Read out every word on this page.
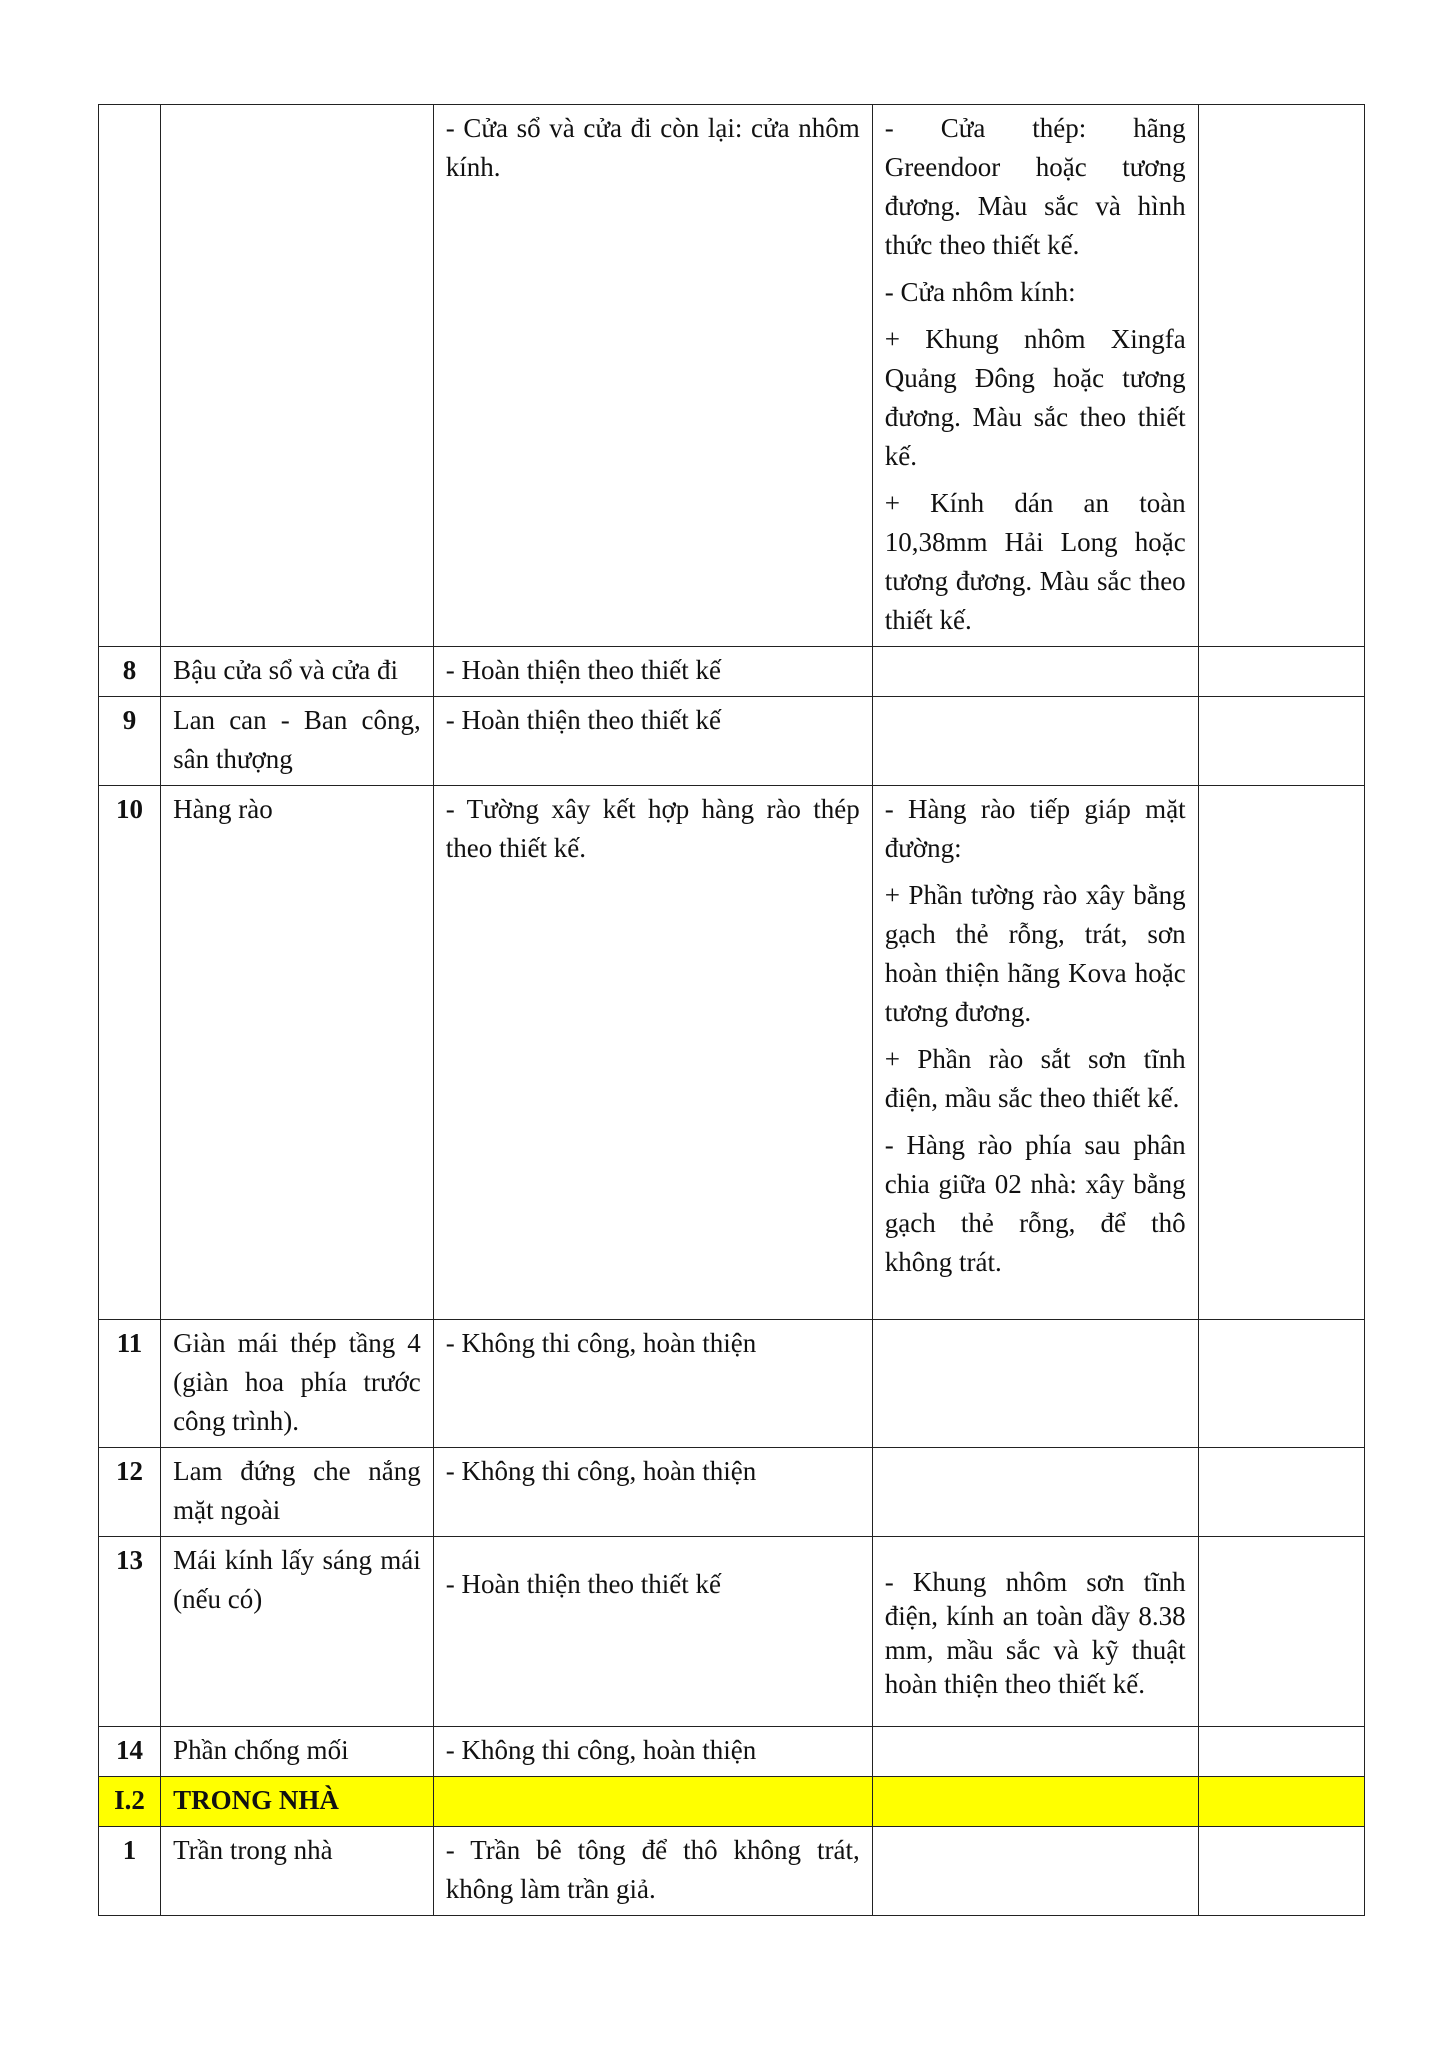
		- Cửa sổ và cửa đi còn lại: cửa nhôm kính.	- Cửa thép: hãng Greendoor hoặc tương đương. Màu sắc và hình thức theo thiết kế.

- Cửa nhôm kính:

+ Khung nhôm Xingfa Quảng Đông hoặc tương đương. Màu sắc theo thiết kế.

+ Kính dán an toàn 10,38mm Hải Long hoặc tương đương. Màu sắc theo thiết kế.	

8	Bậu cửa sổ và cửa đi	- Hoàn thiện theo thiết kế		
9	Lan can - Ban công, sân thượng	- Hoàn thiện theo thiết kế		
10	Hàng rào	- Tường xây kết hợp hàng rào thép theo thiết kế.	- Hàng rào tiếp giáp mặt đường:

+ Phần tường rào xây bằng gạch thẻ rỗng, trát, sơn hoàn thiện hãng Kova hoặc tương đương.

+ Phần rào sắt sơn tĩnh điện, mầu sắc theo thiết kế.

- Hàng rào phía sau phân chia giữa 02 nhà: xây bằng gạch thẻ rỗng, để thô không trát.	

11	Giàn mái thép tầng 4 (giàn hoa phía trước công trình).	- Không thi công, hoàn thiện		
12	Lam đứng che nắng mặt ngoài	- Không thi công, hoàn thiện		
13	Mái kính lấy sáng mái (nếu có)	- Hoàn thiện theo thiết kế	- Khung nhôm sơn tĩnh điện, kính an toàn dầy 8.38 mm, mầu sắc và kỹ thuật hoàn thiện theo thiết kế.	

14	Phần chống mối	- Không thi công, hoàn thiện		
I.2	TRONG NHÀ			
1	Trần trong nhà	- Trần bê tông để thô không trát, không làm trần giả.		
